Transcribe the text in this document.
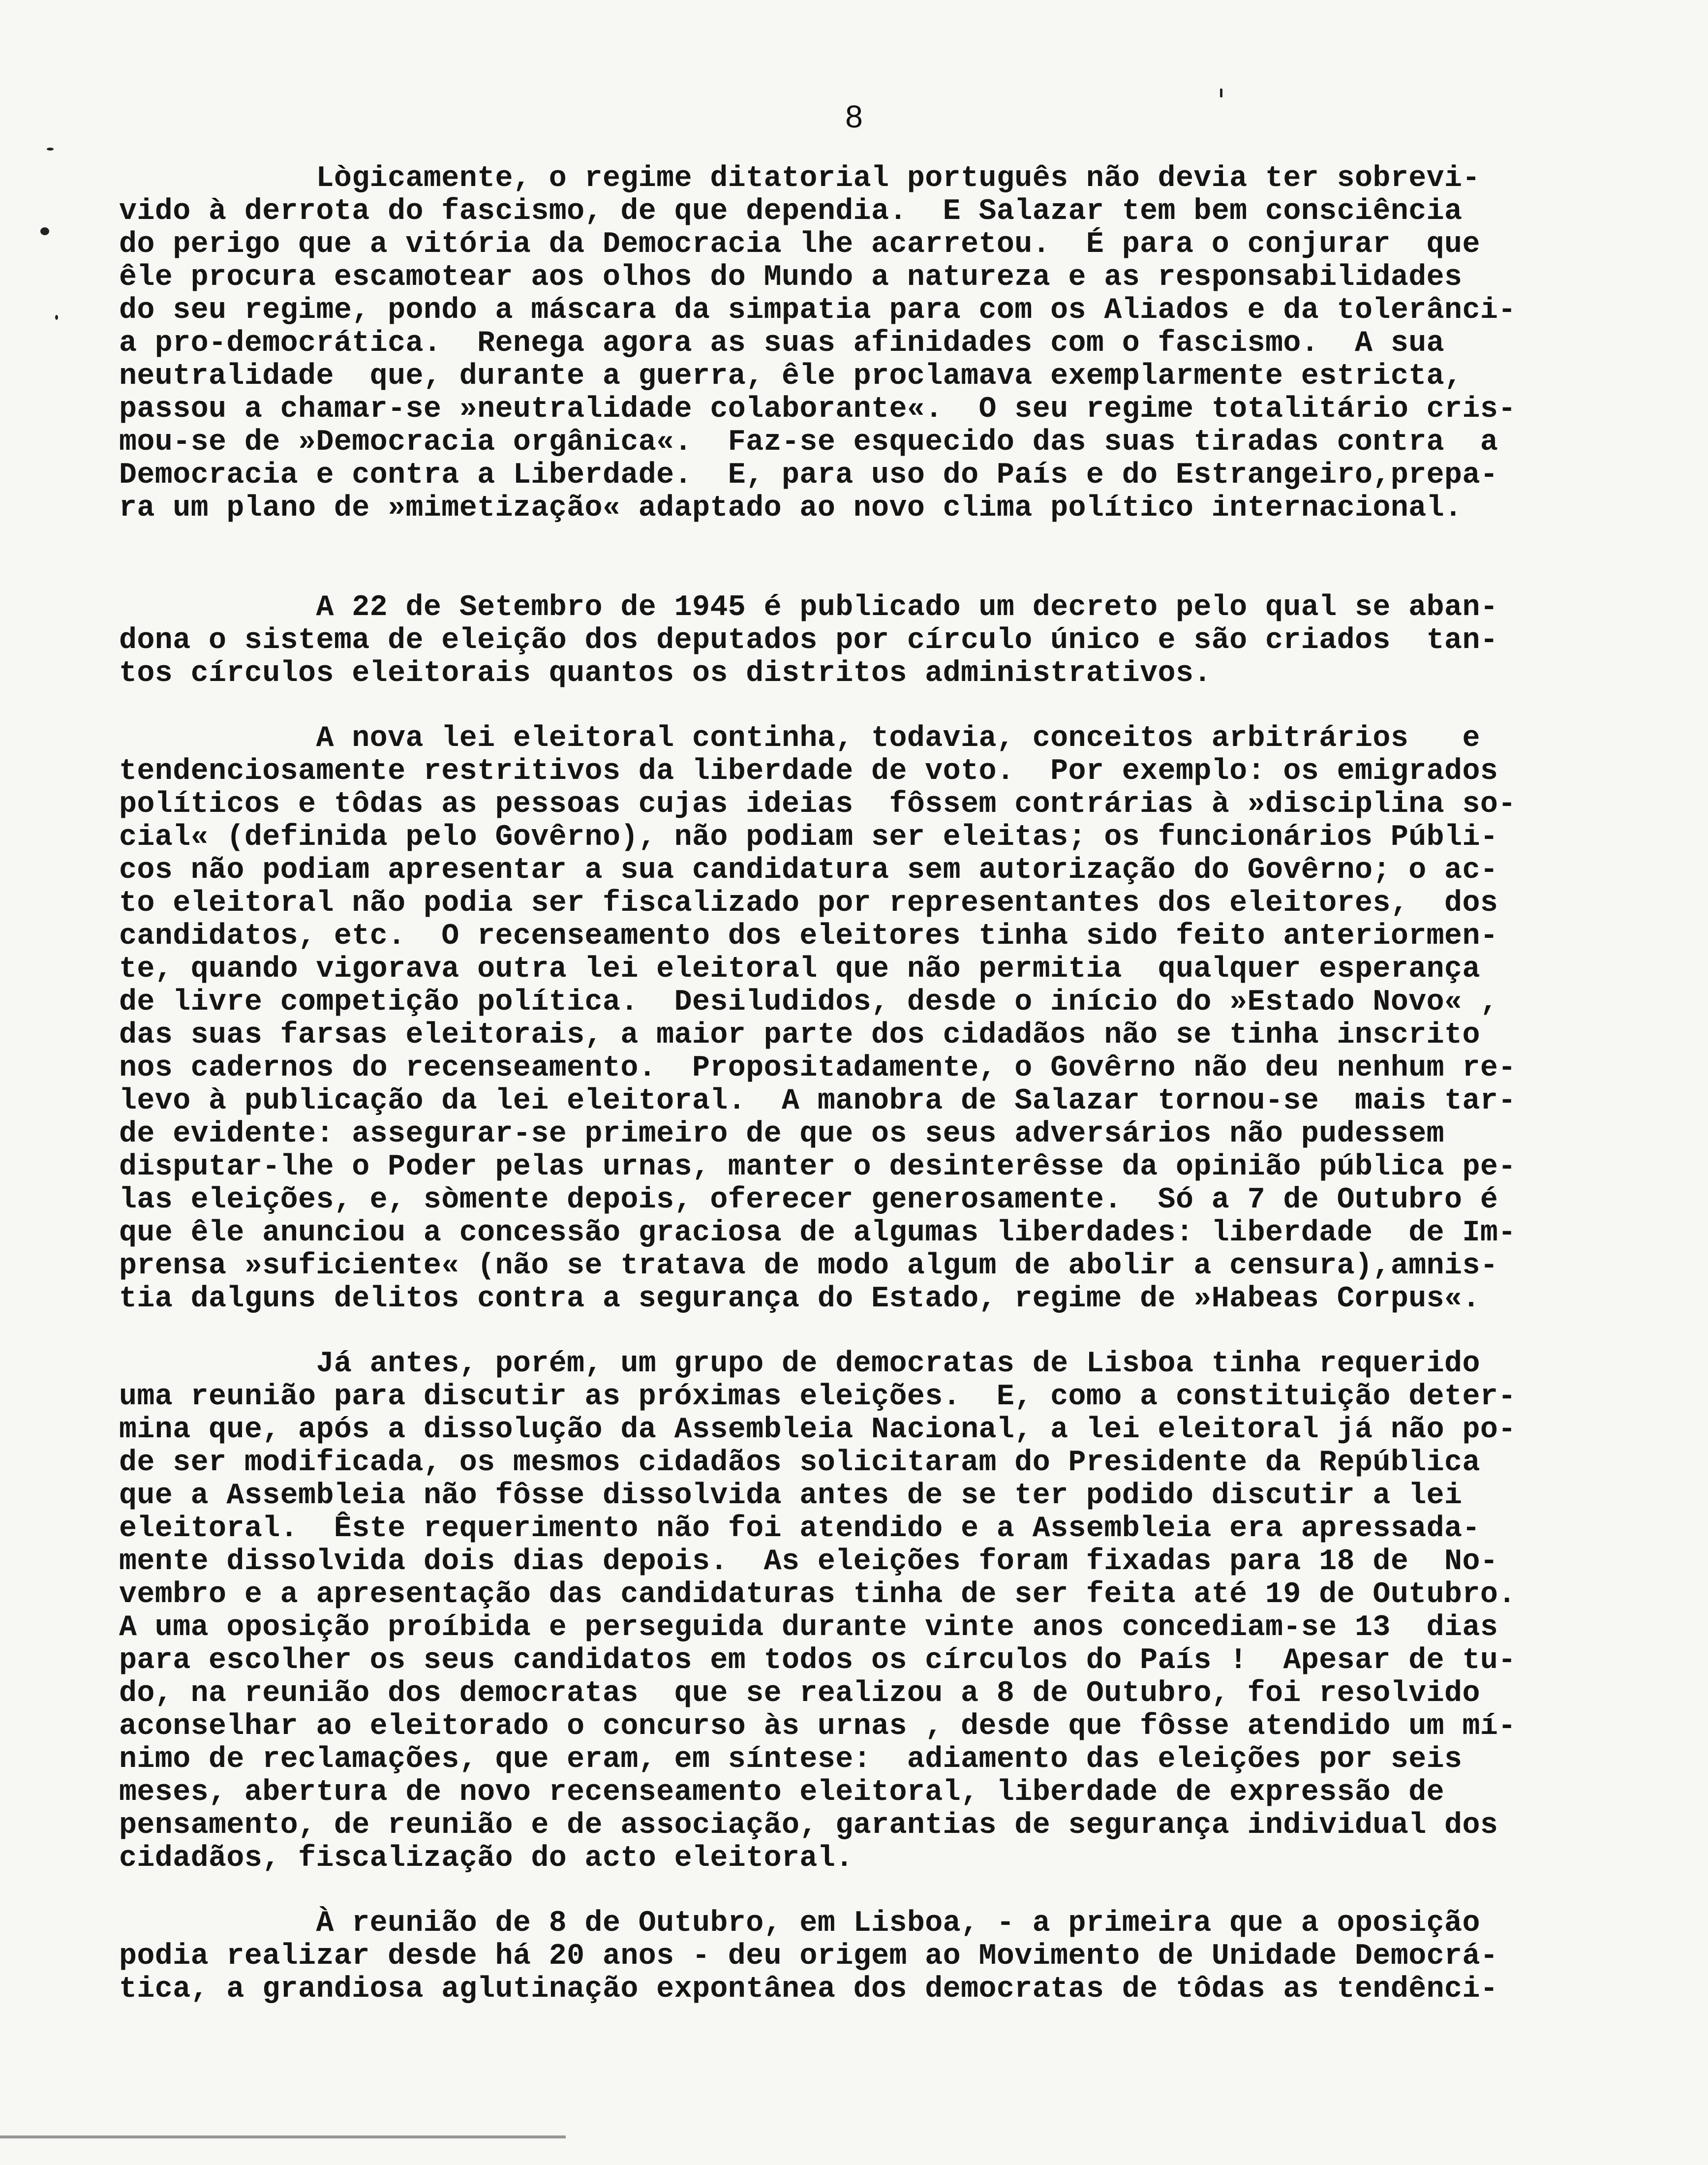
8
Lògicamente, o regime ditatorial português não devia ter sobrevi-
vido à derrota do fascismo, de que dependia.  E Salazar tem bem consciência
do perigo que a vitória da Democracia lhe acarretou.  É para o conjurar  que
êle procura escamotear aos olhos do Mundo a natureza e as responsabilidades
do seu regime, pondo a máscara da simpatia para com os Aliados e da tolerânci-
a pro-democrática.  Renega agora as suas afinidades com o fascismo.  A sua
neutralidade  que, durante a guerra, êle proclamava exemplarmente estricta,
passou a chamar-se »neutralidade colaborante«.  O seu regime totalitário cris-
mou-se de »Democracia orgânica«.  Faz-se esquecido das suas tiradas contra  a
Democracia e contra a Liberdade.  E, para uso do País e do Estrangeiro,prepa-
ra um plano de »mimetização« adaptado ao novo clima político internacional.
A 22 de Setembro de 1945 é publicado um decreto pelo qual se aban-
dona o sistema de eleição dos deputados por círculo único e são criados  tan-
tos círculos eleitorais quantos os distritos administrativos.
A nova lei eleitoral continha, todavia, conceitos arbitrários   e
tendenciosamente restritivos da liberdade de voto.  Por exemplo: os emigrados
políticos e tôdas as pessoas cujas ideias  fôssem contrárias à »disciplina so-
cial« (definida pelo Govêrno), não podiam ser eleitas; os funcionários Públi-
cos não podiam apresentar a sua candidatura sem autorização do Govêrno; o ac-
to eleitoral não podia ser fiscalizado por representantes dos eleitores,  dos
candidatos, etc.  O recenseamento dos eleitores tinha sido feito anteriormen-
te, quando vigorava outra lei eleitoral que não permitia  qualquer esperança
de livre competição política.  Desiludidos, desde o início do »Estado Novo« ,
das suas farsas eleitorais, a maior parte dos cidadãos não se tinha inscrito
nos cadernos do recenseamento.  Propositadamente, o Govêrno não deu nenhum re-
levo à publicação da lei eleitoral.  A manobra de Salazar tornou-se  mais tar-
de evidente: assegurar-se primeiro de que os seus adversários não pudessem
disputar-lhe o Poder pelas urnas, manter o desinterêsse da opinião pública pe-
las eleições, e, sòmente depois, oferecer generosamente.  Só a 7 de Outubro é
que êle anunciou a concessão graciosa de algumas liberdades: liberdade  de Im-
prensa »suficiente« (não se tratava de modo algum de abolir a censura),amnis-
tia dalguns delitos contra a segurança do Estado, regime de »Habeas Corpus«.
Já antes, porém, um grupo de democratas de Lisboa tinha requerido
uma reunião para discutir as próximas eleições.  E, como a constituição deter-
mina que, após a dissolução da Assembleia Nacional, a lei eleitoral já não po-
de ser modificada, os mesmos cidadãos solicitaram do Presidente da República
que a Assembleia não fôsse dissolvida antes de se ter podido discutir a lei
eleitoral.  Êste requerimento não foi atendido e a Assembleia era apressada-
mente dissolvida dois dias depois.  As eleições foram fixadas para 18 de  No-
vembro e a apresentação das candidaturas tinha de ser feita até 19 de Outubro.
A uma oposição proíbida e perseguida durante vinte anos concediam-se 13  dias
para escolher os seus candidatos em todos os círculos do País !  Apesar de tu-
do, na reunião dos democratas  que se realizou a 8 de Outubro, foi resolvido
aconselhar ao eleitorado o concurso às urnas , desde que fôsse atendido um mí-
nimo de reclamações, que eram, em síntese:  adiamento das eleições por seis
meses, abertura de novo recenseamento eleitoral, liberdade de expressão de
pensamento, de reunião e de associação, garantias de segurança individual dos
cidadãos, fiscalização do acto eleitoral.
À reunião de 8 de Outubro, em Lisboa, - a primeira que a oposição
podia realizar desde há 20 anos - deu origem ao Movimento de Unidade Democrá-
tica, a grandiosa aglutinação expontânea dos democratas de tôdas as tendênci-
